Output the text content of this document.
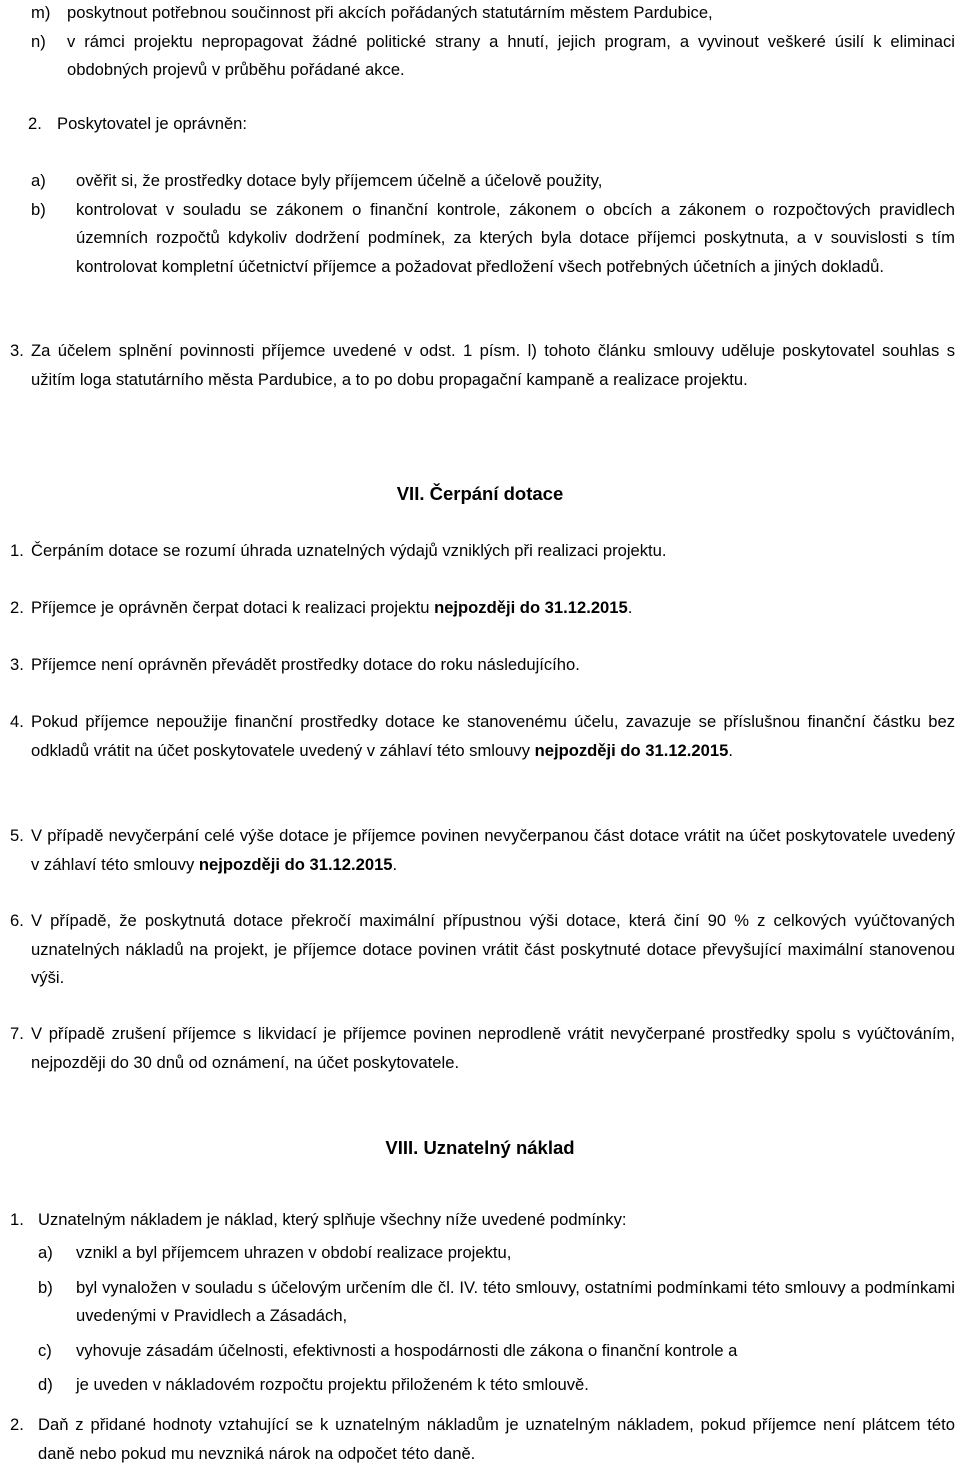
m)	poskytnout potřebnou součinnost při akcích pořádaných statutárním městem Pardubice,
n)	v rámci projektu nepropagovat žádné politické strany a hnutí, jejich program, a vyvinout veškeré úsilí k eliminaci obdobných projevů v průběhu pořádané akce.
2. Poskytovatel je oprávněn:
a)	ověřit si, že prostředky dotace byly příjemcem účelně a účelově použity,
b)	kontrolovat v souladu se zákonem o finanční kontrole, zákonem o obcích a zákonem o rozpočtových pravidlech územních rozpočtů kdykoliv dodržení podmínek, za kterých byla dotace příjemci poskytnuta, a v souvislosti s tím kontrolovat kompletní účetnictví příjemce a požadovat předložení všech potřebných účetních a jiných dokladů.
3. Za účelem splnění povinnosti příjemce uvedené v odst. 1 písm. l) tohoto článku smlouvy uděluje poskytovatel souhlas s užitím loga statutárního města Pardubice, a to po dobu propagační kampaně a realizace projektu.
VII. Čerpání dotace
1. Čerpáním dotace se rozumí úhrada uznatelných výdajů vzniklých při realizaci projektu.
2. Příjemce je oprávněn čerpat dotaci k realizaci projektu nejpozději do 31.12.2015.
3. Příjemce není oprávněn převádět prostředky dotace do roku následujícího.
4. Pokud příjemce nepoužije finanční prostředky dotace ke stanovenému účelu, zavazuje se příslušnou finanční částku bez odkladů vrátit na účet poskytovatele uvedený v záhlaví této smlouvy nejpozději do 31.12.2015.
5. V případě nevyčerpání celé výše dotace je příjemce povinen nevyčerpanou část dotace vrátit na účet poskytovatele uvedený v záhlaví této smlouvy nejpozději do 31.12.2015.
6. V případě, že poskytnutá dotace překročí maximální přípustnou výši dotace, která činí 90 % z celkových vyúčtovaných uznatelných nákladů na projekt, je příjemce dotace povinen vrátit část poskytnuté dotace převyšující maximální stanovenou výši.
7. V případě zrušení příjemce s likvidací je příjemce povinen neprodleně vrátit nevyčerpané prostředky spolu s vyúčtováním, nejpozději do 30 dnů od oznámení, na účet poskytovatele.
VIII. Uznatelný náklad
1. Uznatelným nákladem je náklad, který splňuje všechny níže uvedené podmínky:
a)	vznikl a byl příjemcem uhrazen v období realizace projektu,
b)	byl vynaložen v souladu s účelovým určením dle čl. IV. této smlouvy, ostatními podmínkami této smlouvy a podmínkami uvedenými v Pravidlech a Zásadách,
c)	vyhovuje zásadám účelnosti, efektivnosti a hospodárnosti dle zákona o finanční kontrole a
d)	je uveden v nákladovém rozpočtu projektu přiloženém k této smlouvě.
2. Daň z přidané hodnoty vztahující se k uznatelným nákladům je uznatelným nákladem, pokud příjemce není plátcem této daně nebo pokud mu nevzniká nárok na odpočet této daně.
